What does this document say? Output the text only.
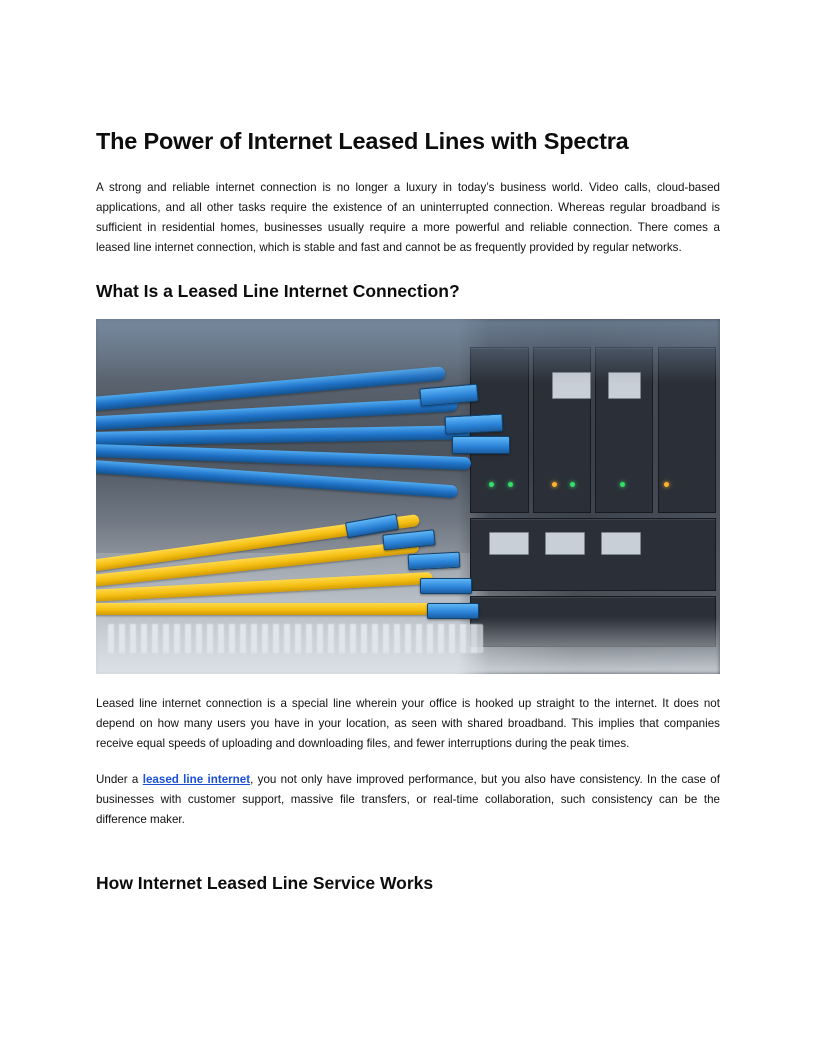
The Power of Internet Leased Lines with Spectra

A strong and reliable internet connection is no longer a luxury in today’s business world. Video calls, cloud-based applications, and all other tasks require the existence of an uninterrupted connection. Whereas regular broadband is sufficient in residential homes, businesses usually require a more powerful and reliable connection. There comes a leased line internet connection, which is stable and fast and cannot be as frequently provided by regular networks.

What Is a Leased Line Internet Connection?

Leased line internet connection is a special line wherein your office is hooked up straight to the internet. It does not depend on how many users you have in your location, as seen with shared broadband. This implies that companies receive equal speeds of uploading and downloading files, and fewer interruptions during the peak times.

Under a leased line internet, you not only have improved performance, but you also have consistency. In the case of businesses with customer support, massive file transfers, or real-time collaboration, such consistency can be the difference maker.

How Internet Leased Line Service Works
